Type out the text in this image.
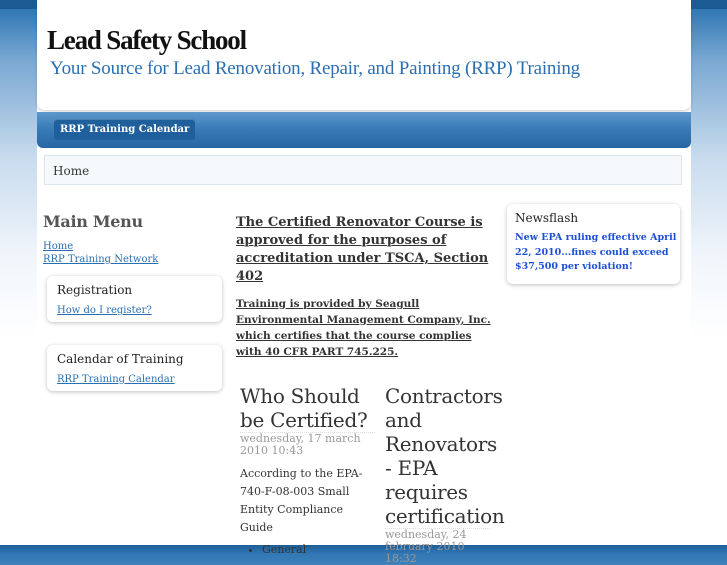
Lead Safety School
Your Source for Lead Renovation, Repair, and Painting (RRP) Training
RRP Training Calendar
Home
Main Menu
Home
RRP Training Network
Registration
How do I register?
Calendar of Training
RRP Training Calendar
The Certified Renovator Course is approved for the purposes of accreditation under TSCA, Section 402
Training is provided by Seagull Environmental Management Company, Inc. which certifies that the course complies with 40 CFR PART 745.225.
Newsflash

New EPA ruling effective April 22, 2010...fines could exceed $37,500 per violation!

Who Should be Certified?
wednesday, 17 march 2010 10:43
According to the EPA-740-F-08-003 Small Entity Compliance Guide
• General
Contractors and Renovators - EPA requires certification
wednesday, 24 february 2010 18:32
